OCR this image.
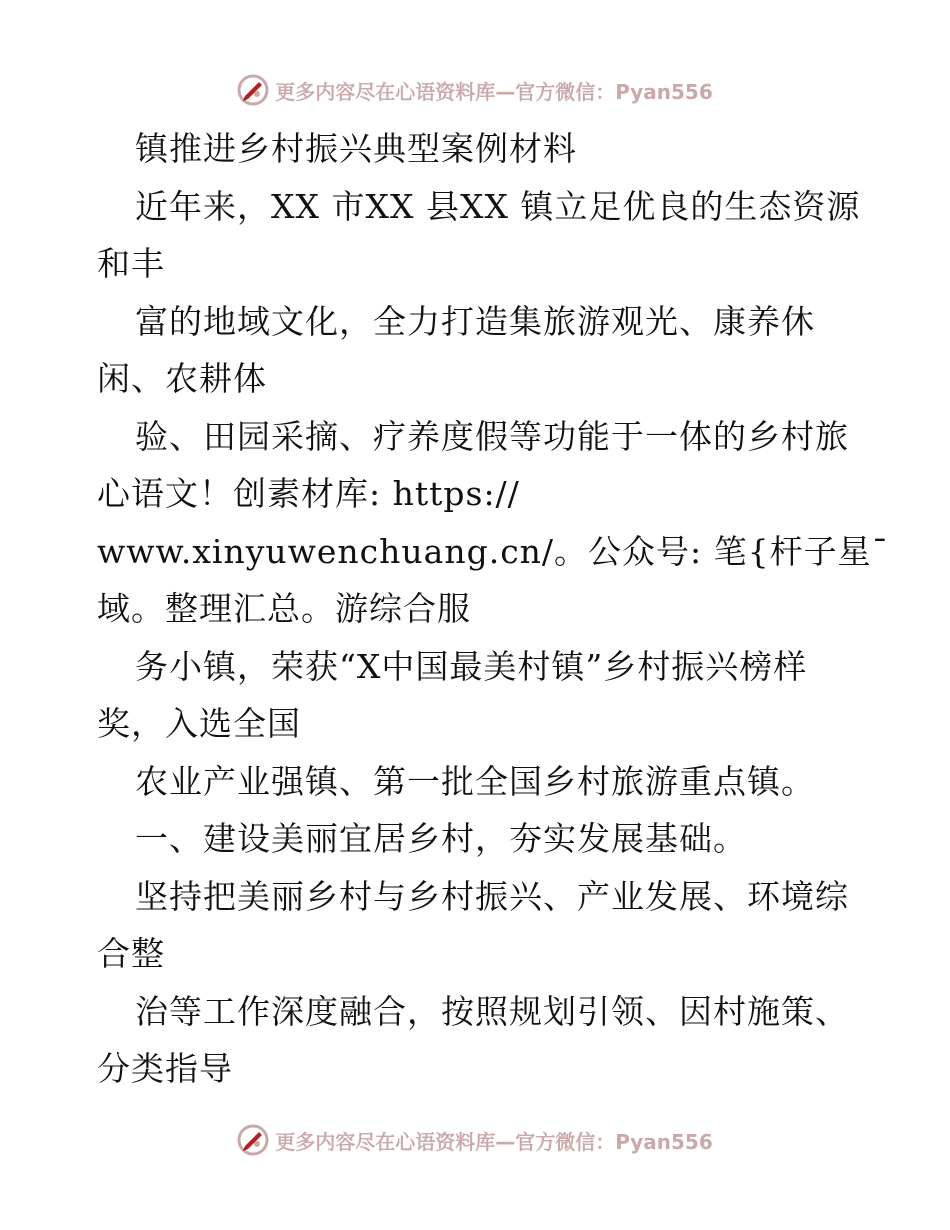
更多内容尽在心语资料库—官方微信：Pyan556
镇推进乡村振兴典型案例材料
近年来，XX 市XX 县XX 镇立足优良的生态资源
和丰
富的地域文化，全力打造集旅游观光、康养休
闲、农耕体
验、田园采摘、疗养度假等功能于一体的乡村旅
心语文！创素材库: https://
www.xinyuwenchuang.cn/。公众号: 笔{杆子星¯
域。整理汇总。游综合服
务小镇，荣获“X中国最美村镇”乡村振兴榜样
奖，入选全国
农业产业强镇、第一批全国乡村旅游重点镇。
一、建设美丽宜居乡村，夯实发展基础。
坚持把美丽乡村与乡村振兴、产业发展、环境综
合整
治等工作深度融合，按照规划引领、因村施策、
分类指导
更多内容尽在心语资料库—官方微信：Pyan556
